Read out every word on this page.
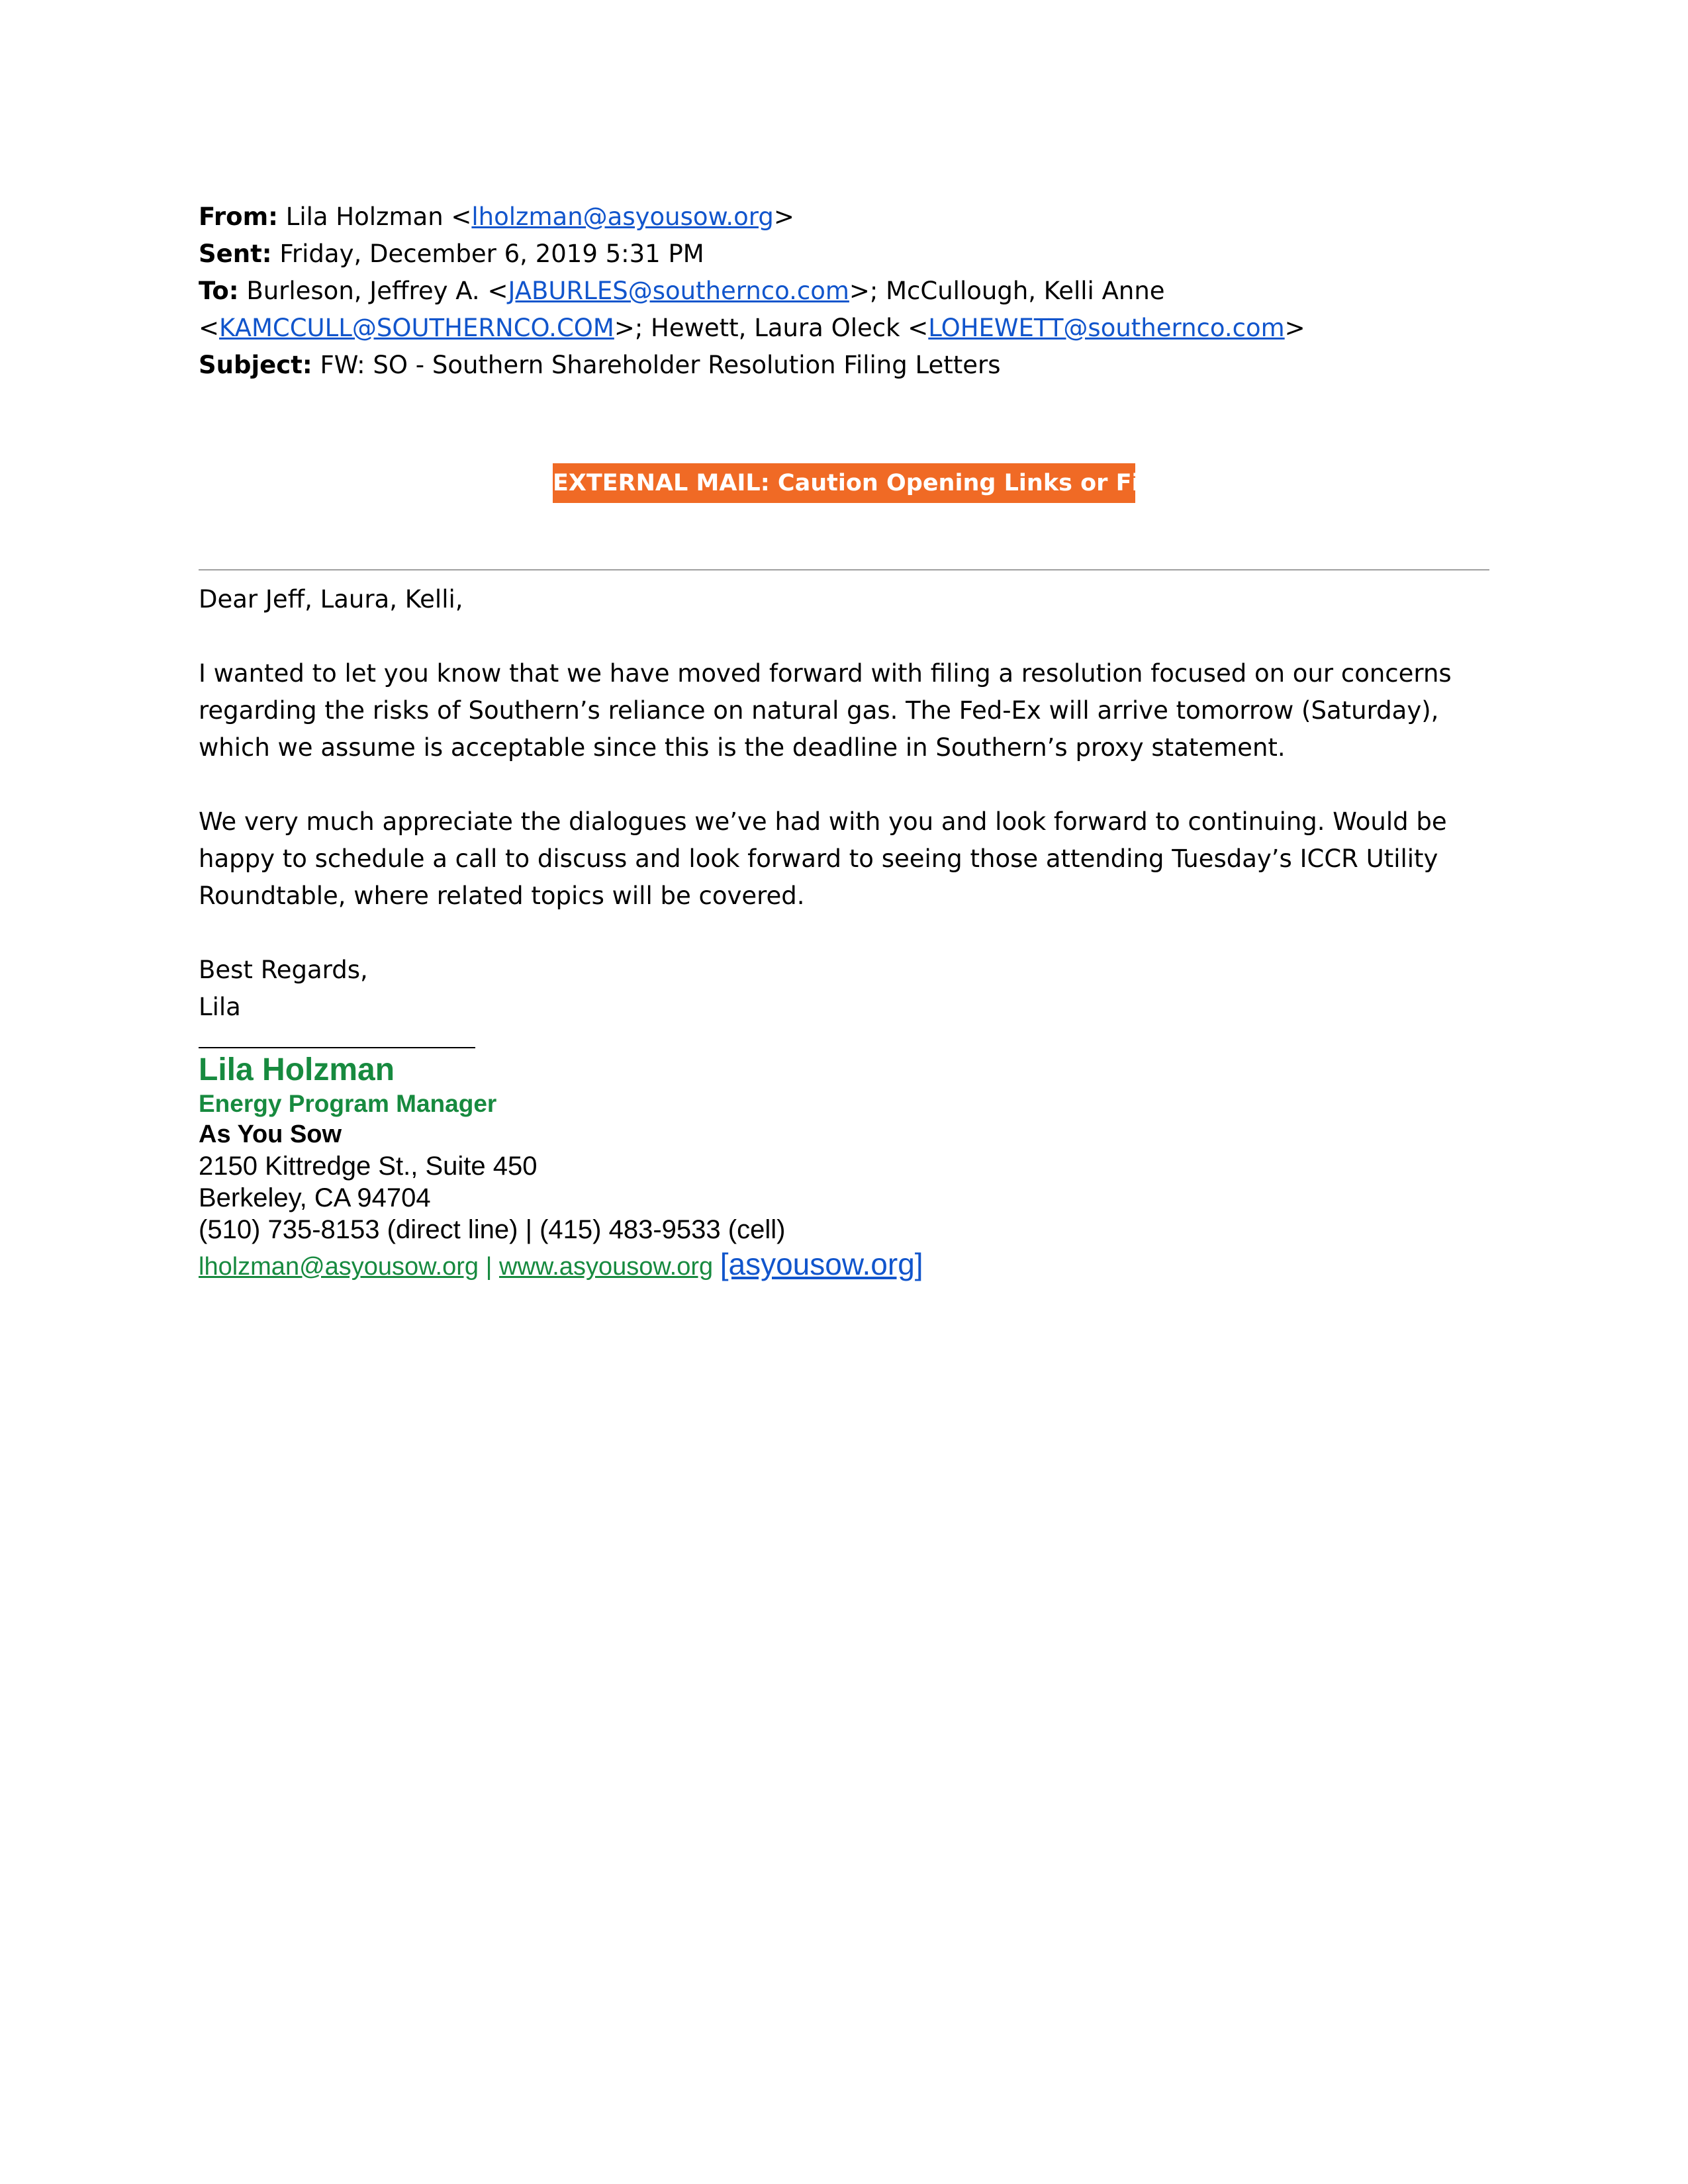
From: Lila Holzman <lholzman@asyousow.org>
Sent: Friday, December 6, 2019 5:31 PM
To: Burleson, Jeffrey A. <JABURLES@southernco.com>; McCullough, Kelli Anne
<KAMCCULL@SOUTHERNCO.COM>; Hewett, Laura Oleck <LOHEWETT@southernco.com>
Subject: FW: SO - Southern Shareholder Resolution Filing Letters
EXTERNAL MAIL: Caution Opening Links or Files
Dear Jeff, Laura, Kelli,
I wanted to let you know that we have moved forward with filing a resolution focused on our concerns
regarding the risks of Southern’s reliance on natural gas. The Fed-Ex will arrive tomorrow (Saturday),
which we assume is acceptable since this is the deadline in Southern’s proxy statement.
We very much appreciate the dialogues we’ve had with you and look forward to continuing. Would be
happy to schedule a call to discuss and look forward to seeing those attending Tuesday’s ICCR Utility
Roundtable, where related topics will be covered.
Best Regards,
Lila
Lila Holzman
Energy Program Manager
As You Sow
2150 Kittredge St., Suite 450
Berkeley, CA 94704
(510) 735-8153 (direct line) | (415) 483-9533 (cell)
lholzman@asyousow.org | www.asyousow.org [asyousow.org]
